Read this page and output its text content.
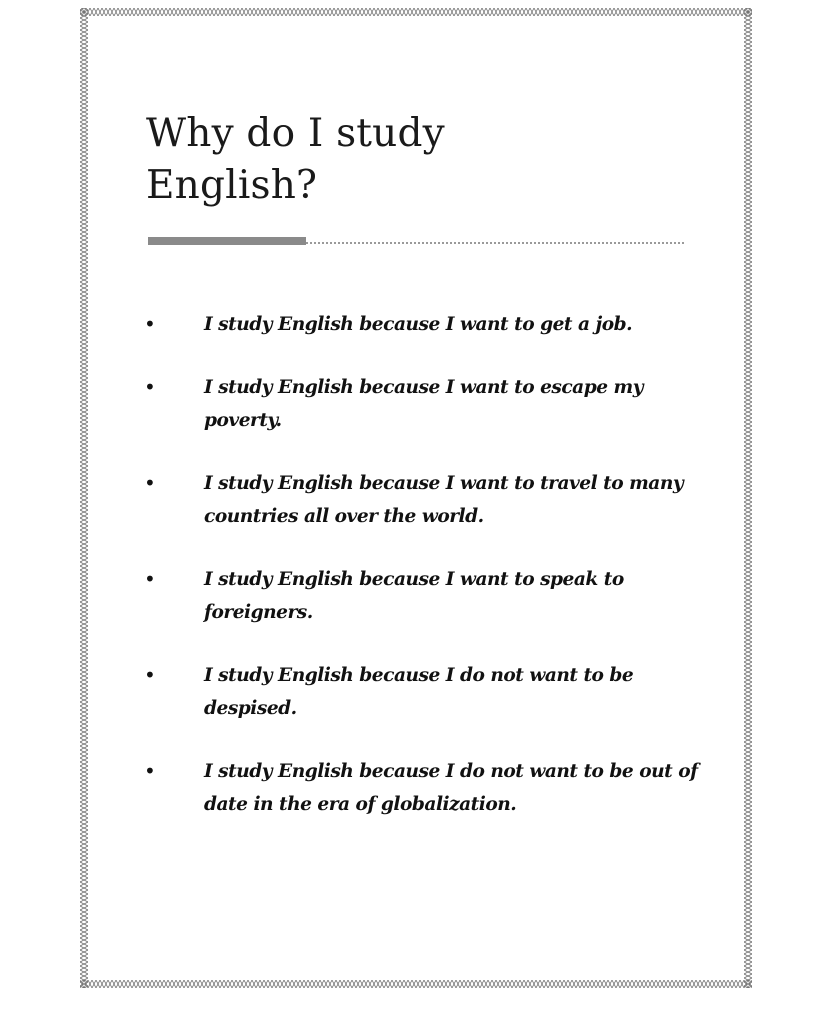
Why do I study
English?
•	I study English because I want to get a job.
•	I study English because I want to escape my poverty.
•	I study English because I want to travel to many countries all over the world.
•	I study English because I want to speak to foreigners.
•	I study English because I do not want to be despised.
•	I study English because I do not want to be out of date in the era of globalization.
